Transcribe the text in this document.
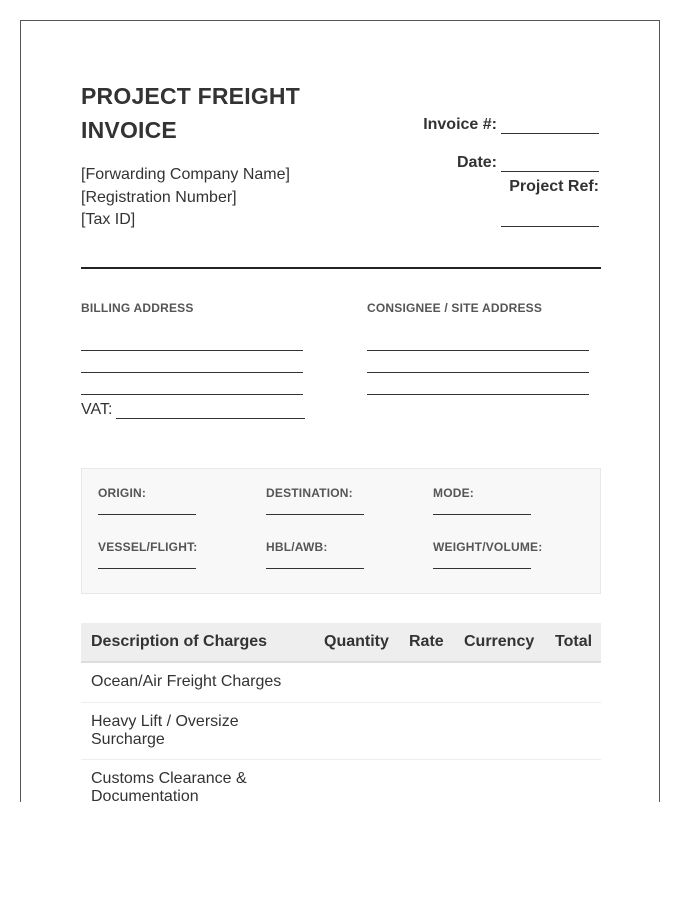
PROJECT FREIGHT
INVOICE
[Forwarding Company Name]
[Registration Number]
[Tax ID]
Invoice #:
Date:
Project Ref:
BILLING ADDRESS
VAT:
CONSIGNEE / SITE ADDRESS
ORIGIN:	DESTINATION:	MODE:
VESSEL/FLIGHT:	HBL/AWB:	WEIGHT/VOLUME:
Description of Charges	Quantity Rate Currency Total
Ocean/Air Freight Charges
Heavy Lift / Oversize Surcharge
Customs Clearance & Documentation
